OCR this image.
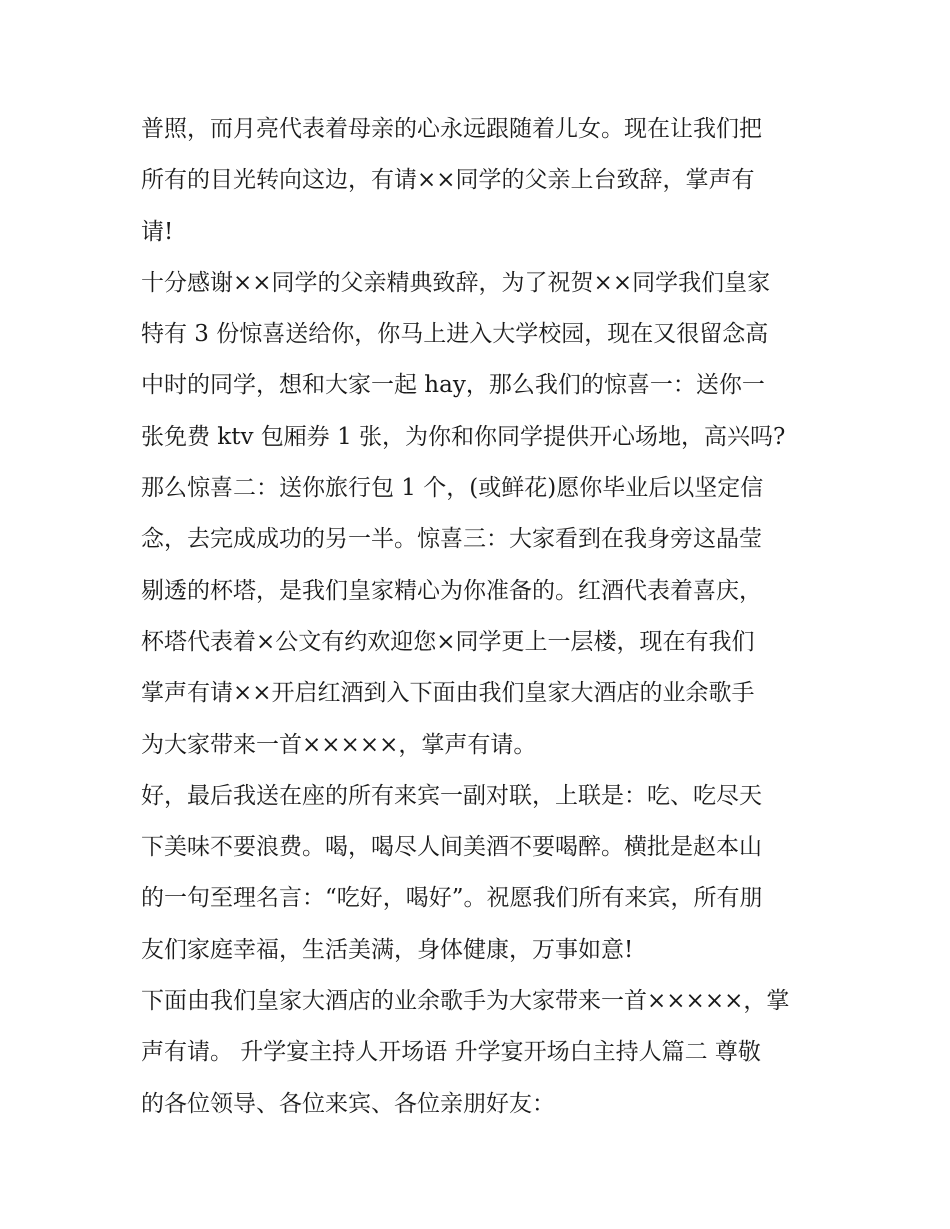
普照，而月亮代表着母亲的心永远跟随着儿女。现在让我们把
所有的目光转向这边，有请××同学的父亲上台致辞，掌声有
请!
十分感谢××同学的父亲精典致辞，为了祝贺××同学我们皇家
特有 3 份惊喜送给你，你马上进入大学校园，现在又很留念高
中时的同学，想和大家一起 hay，那么我们的惊喜一：送你一
张免费 ktv 包厢券 1 张，为你和你同学提供开心场地，高兴吗?
那么惊喜二：送你旅行包 1 个，(或鲜花)愿你毕业后以坚定信
念，去完成成功的另一半。惊喜三：大家看到在我身旁这晶莹
剔透的杯塔，是我们皇家精心为你准备的。红酒代表着喜庆，
杯塔代表着×公文有约欢迎您×同学更上一层楼，现在有我们
掌声有请××开启红酒到入下面由我们皇家大酒店的业余歌手
为大家带来一首×××××，掌声有请。
好，最后我送在座的所有来宾一副对联，上联是：吃、吃尽天
下美味不要浪费。喝，喝尽人间美酒不要喝醉。横批是赵本山
的一句至理名言：“吃好，喝好”。祝愿我们所有来宾，所有朋
友们家庭幸福，生活美满，身体健康，万事如意!
下面由我们皇家大酒店的业余歌手为大家带来一首×××××，掌
声有请。 升学宴主持人开场语 升学宴开场白主持人篇二 尊敬
的各位领导、各位来宾、各位亲朋好友：
